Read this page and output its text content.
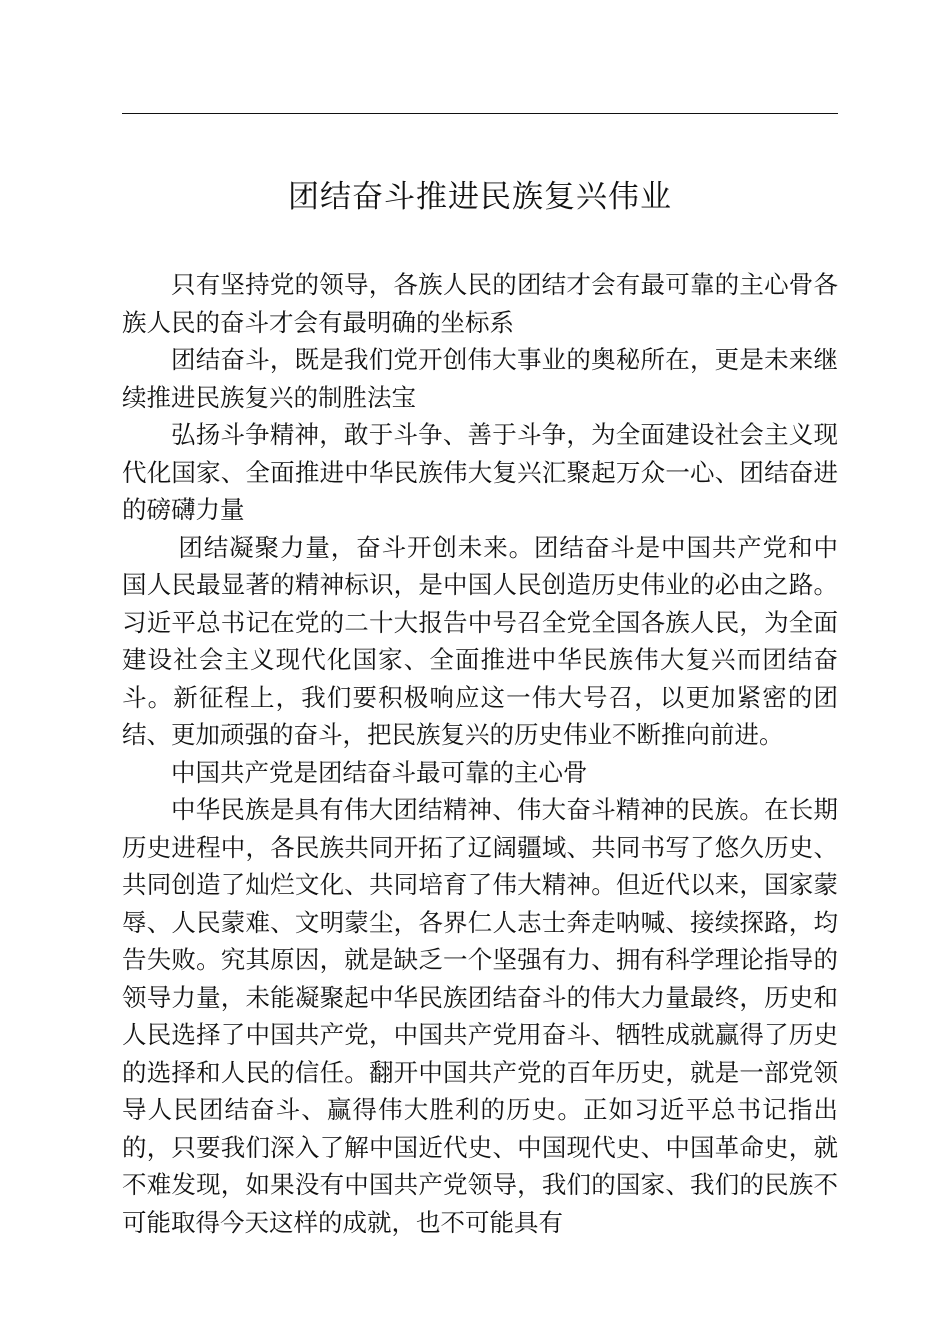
团结奋斗推进民族复兴伟业

只有坚持党的领导，各族人民的团结才会有最可靠的主心骨各族人民的奋斗才会有最明确的坐标系

团结奋斗，既是我们党开创伟大事业的奥秘所在，更是未来继续推进民族复兴的制胜法宝

弘扬斗争精神，敢于斗争、善于斗争，为全面建设社会主义现代化国家、全面推进中华民族伟大复兴汇聚起万众一心、团结奋进的磅礴力量

团结凝聚力量，奋斗开创未来。团结奋斗是中国共产党和中国人民最显著的精神标识，是中国人民创造历史伟业的必由之路。习近平总书记在党的二十大报告中号召全党全国各族人民，为全面建设社会主义现代化国家、全面推进中华民族伟大复兴而团结奋斗。新征程上，我们要积极响应这一伟大号召，以更加紧密的团结、更加顽强的奋斗，把民族复兴的历史伟业不断推向前进。

中国共产党是团结奋斗最可靠的主心骨

中华民族是具有伟大团结精神、伟大奋斗精神的民族。在长期历史进程中，各民族共同开拓了辽阔疆域、共同书写了悠久历史、共同创造了灿烂文化、共同培育了伟大精神。但近代以来，国家蒙辱、人民蒙难、文明蒙尘，各界仁人志士奔走呐喊、接续探路，均告失败。究其原因，就是缺乏一个坚强有力、拥有科学理论指导的领导力量，未能凝聚起中华民族团结奋斗的伟大力量最终，历史和人民选择了中国共产党，中国共产党用奋斗、牺牲成就赢得了历史的选择和人民的信任。翻开中国共产党的百年历史，就是一部党领导人民团结奋斗、赢得伟大胜利的历史。正如习近平总书记指出的，只要我们深入了解中国近代史、中国现代史、中国革命史，就不难发现，如果没有中国共产党领导，我们的国家、我们的民族不可能取得今天这样的成就，也不可能具有
